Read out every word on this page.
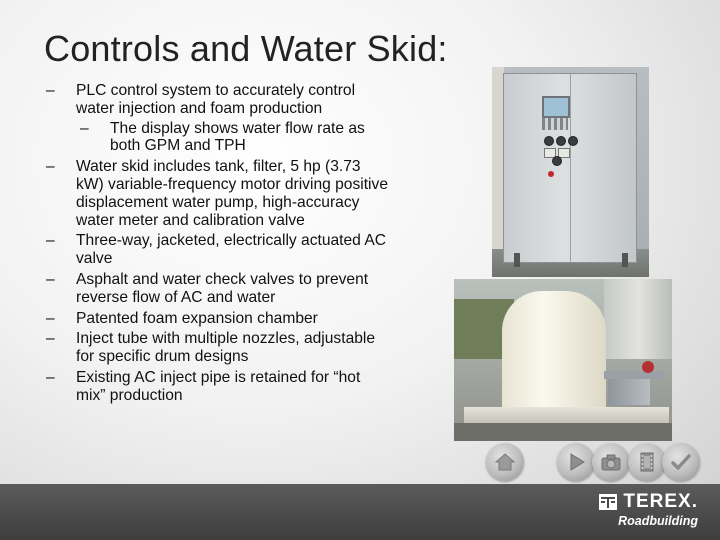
Controls and Water Skid:
– PLC control system to accurately control water injection and foam production
– The display shows water flow rate as both GPM and TPH
– Water skid includes tank, filter, 5 hp (3.73 kW) variable-frequency motor driving positive displacement water pump, high-accuracy water meter and calibration valve
– Three-way, jacketed, electrically actuated AC valve
– Asphalt and water check valves to prevent reverse flow of AC and water
– Patented foam expansion chamber
– Inject tube with multiple nozzles, adjustable for specific drum designs
– Existing AC inject pipe is retained for “hot mix” production
TEREX.
Roadbuilding
